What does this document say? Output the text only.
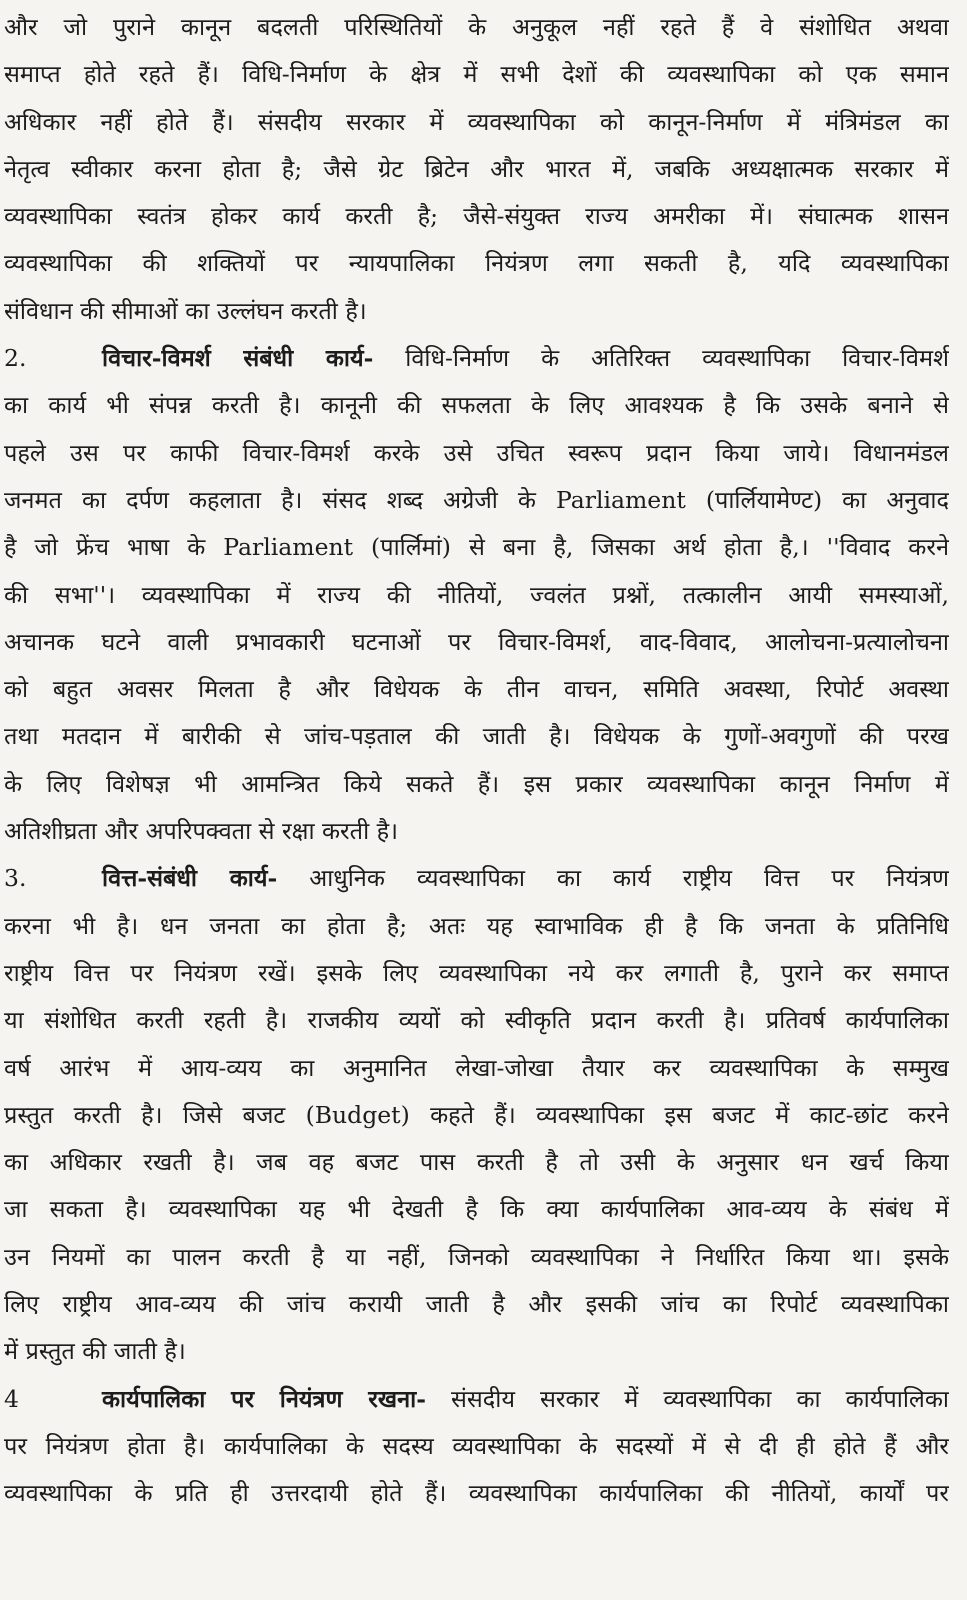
और जो पुराने कानून बदलती परिस्थितियों के अनुकूल नहीं रहते हैं वे संशोधित अथवा
समाप्त होते रहते हैं। विधि-निर्माण के क्षेत्र में सभी देशों की व्यवस्थापिका को एक समान
अधिकार नहीं होते हैं। संसदीय सरकार में व्यवस्थापिका को कानून-निर्माण में मंत्रिमंडल का
नेतृत्व स्वीकार करना होता है; जैसे ग्रेट ब्रिटेन और भारत में, जबकि अध्यक्षात्मक सरकार में
व्यवस्थापिका स्वतंत्र होकर कार्य करती है; जैसे-संयुक्त राज्य अमरीका में। संघात्मक शासन
व्यवस्थापिका की शक्तियों पर न्यायपालिका नियंत्रण लगा सकती है, यदि व्यवस्थापिका
संविधान की सीमाओं का उल्लंघन करती है।
2.	विचार-विमर्श संबंधी कार्य- विधि-निर्माण के अतिरिक्त व्यवस्थापिका विचार-विमर्श
का कार्य भी संपन्न करती है। कानूनी की सफलता के लिए आवश्यक है कि उसके बनाने से
पहले उस पर काफी विचार-विमर्श करके उसे उचित स्वरूप प्रदान किया जाये। विधानमंडल
जनमत का दर्पण कहलाता है। संसद शब्द अग्रेजी के Parliament (पार्लियामेण्ट) का अनुवाद
है जो फ्रेंच भाषा के Parliament (पार्लिमां) से बना है, जिसका अर्थ होता है,। ''विवाद करने
की सभा''। व्यवस्थापिका में राज्य की नीतियों, ज्वलंत प्रश्नों, तत्कालीन आयी समस्याओं,
अचानक घटने वाली प्रभावकारी घटनाओं पर विचार-विमर्श, वाद-विवाद, आलोचना-प्रत्यालोचना
को बहुत अवसर मिलता है और विधेयक के तीन वाचन, समिति अवस्था, रिपोर्ट अवस्था
तथा मतदान में बारीकी से जांच-पड़ताल की जाती है। विधेयक के गुणों-अवगुणों की परख
के लिए विशेषज्ञ भी आमन्त्रित किये सकते हैं। इस प्रकार व्यवस्थापिका कानून निर्माण में
अतिशीघ्रता और अपरिपक्वता से रक्षा करती है।
3.	वित्त-संबंधी कार्य- आधुनिक व्यवस्थापिका का कार्य राष्ट्रीय वित्त पर नियंत्रण
करना भी है। धन जनता का होता है; अतः यह स्वाभाविक ही है कि जनता के प्रतिनिधि
राष्ट्रीय वित्त पर नियंत्रण रखें। इसके लिए व्यवस्थापिका नये कर लगाती है, पुराने कर समाप्त
या संशोधित करती रहती है। राजकीय व्ययों को स्वीकृति प्रदान करती है। प्रतिवर्ष कार्यपालिका
वर्ष आरंभ में आय-व्यय का अनुमानित लेखा-जोखा तैयार कर व्यवस्थापिका के सम्मुख
प्रस्तुत करती है। जिसे बजट (Budget) कहते हैं। व्यवस्थापिका इस बजट में काट-छांट करने
का अधिकार रखती है। जब वह बजट पास करती है तो उसी के अनुसार धन खर्च किया
जा सकता है। व्यवस्थापिका यह भी देखती है कि क्या कार्यपालिका आव-व्यय के संबंध में
उन नियमों का पालन करती है या नहीं, जिनको व्यवस्थापिका ने निर्धारित किया था। इसके
लिए राष्ट्रीय आव-व्यय की जांच करायी जाती है और इसकी जांच का रिपोर्ट व्यवस्थापिका
में प्रस्तुत की जाती है।
4	कार्यपालिका पर नियंत्रण रखना- संसदीय सरकार में व्यवस्थापिका का कार्यपालिका
पर नियंत्रण होता है। कार्यपालिका के सदस्य व्यवस्थापिका के सदस्यों में से दी ही होते हैं और
व्यवस्थापिका के प्रति ही उत्तरदायी होते हैं। व्यवस्थापिका कार्यपालिका की नीतियों, कार्यों पर
